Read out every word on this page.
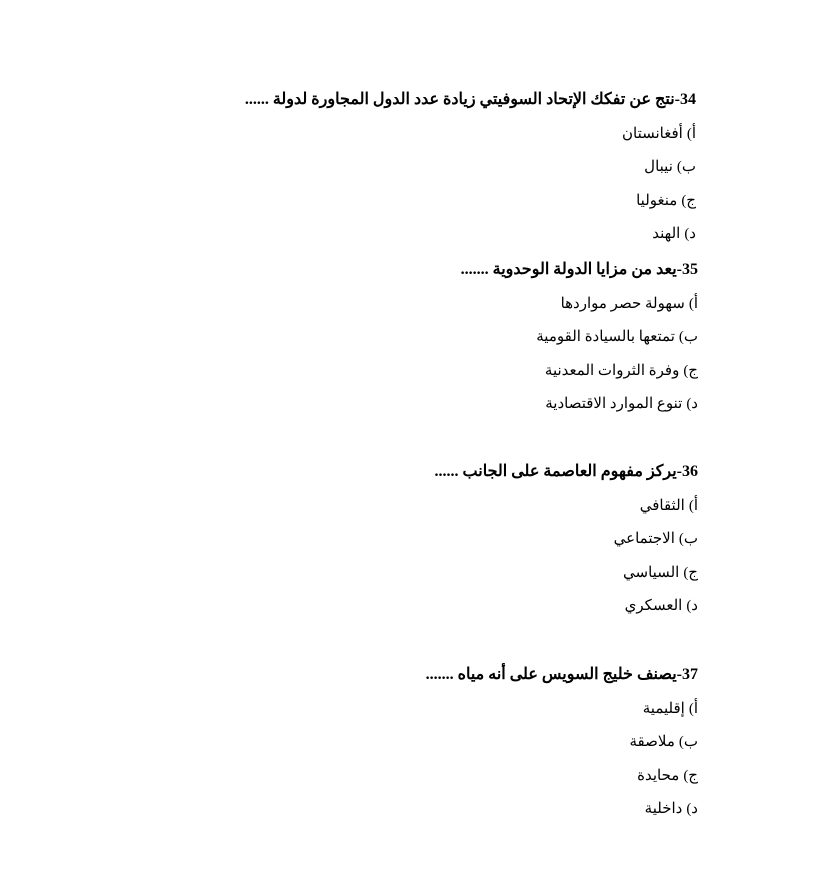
34-نتج عن تفكك الإتحاد السوفيتي زيادة عدد الدول المجاورة لدولة ......

أ)أفغانستان
ب)نيبال
ج)منغوليا
د)الهند

35-يعد من مزايا الدولة الوحدوية .......

أ)سهولة حصر مواردها
ب)تمتعها بالسيادة القومية
ج)وفرة الثروات المعدنية
د)تنوع الموارد الاقتصادية

36-يركز مفهوم العاصمة على الجانب ......

أ)الثقافي
ب)الاجتماعي
ج)السياسي
د)العسكري

37-يصنف خليج السويس على أنه مياه .......

أ)إقليمية
ب)ملاصقة
ج)محايدة
د)داخلية
